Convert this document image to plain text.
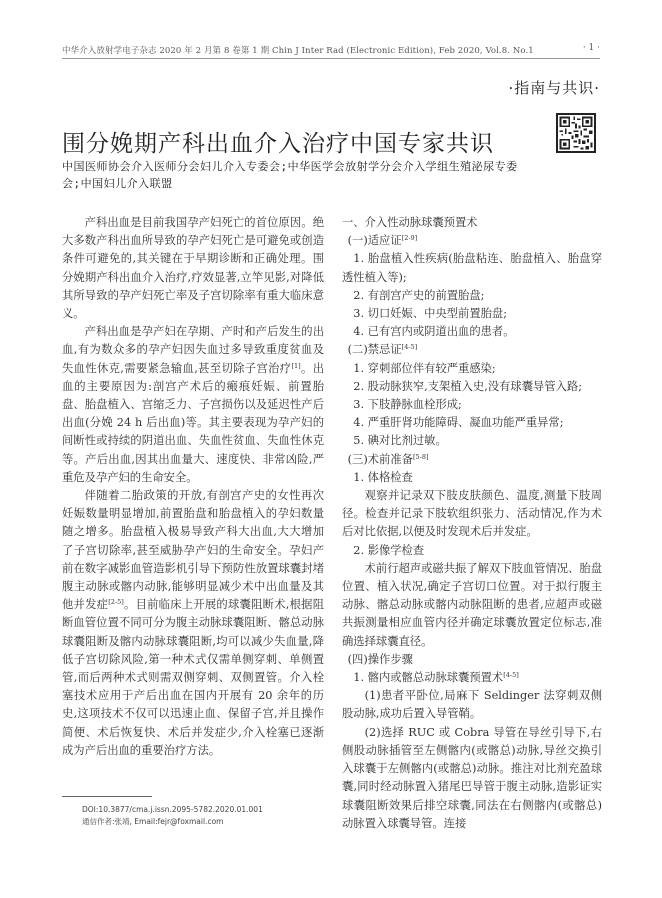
中华介入放射学电子杂志 2020 年 2 月第 8 卷第 1 期 Chin J Inter Rad (Electronic Edition), Feb 2020, Vol.8. No.1	· 1 ·
·指南与共识·
围分娩期产科出血介入治疗中国专家共识
中国医师协会介入医师分会妇儿介入专委会;中华医学会放射学分会介入学组生殖泌尿专委会;中国妇儿介入联盟

产科出血是目前我国孕产妇死亡的首位原因。绝大多数产科出血所导致的孕产妇死亡是可避免或创造条件可避免的,其关键在于早期诊断和正确处理。围分娩期产科出血介入治疗,疗效显著,立竿见影,对降低其所导致的孕产妇死亡率及子宫切除率有重大临床意义。

产科出血是孕产妇在孕期、产时和产后发生的出血,有为数众多的孕产妇因失血过多导致重度贫血及失血性休克,需要紧急输血,甚至切除子宫治疗[1]。出血的主要原因为:剖宫产术后的瘢痕妊娠、前置胎盘、胎盘植入、宫缩乏力、子宫损伤以及延迟性产后出血(分娩 24 h 后出血)等。其主要表现为孕产妇的间断性或持续的阴道出血、失血性贫血、失血性休克等。产后出血,因其出血量大、速度快、非常凶险,严重危及孕产妇的生命安全。

伴随着二胎政策的开放,有剖宫产史的女性再次妊娠数量明显增加,前置胎盘和胎盘植入的孕妇数量随之增多。胎盘植入极易导致产科大出血,大大增加了子宫切除率,甚至威胁孕产妇的生命安全。孕妇产前在数字减影血管造影机引导下预防性放置球囊封堵腹主动脉或髂内动脉,能够明显减少术中出血量及其他并发症[2-5]。目前临床上开展的球囊阻断术,根据阻断血管位置不同可分为腹主动脉球囊阻断、髂总动脉球囊阻断及髂内动脉球囊阻断,均可以减少失血量,降低子宫切除风险,第一种术式仅需单侧穿刺、单侧置管,而后两种术式则需双侧穿刺、双侧置管。介入栓塞技术应用于产后出血在国内开展有 20 余年的历史,这项技术不仅可以迅速止血、保留子宫,并且操作简便、术后恢复快、术后并发症少,介入栓塞已逐渐成为产后出血的重要治疗方法。

一、介入性动脉球囊预置术

(一)适应证[2-9]

1. 胎盘植入性疾病(胎盘粘连、胎盘植入、胎盘穿透性植入等);

2. 有剖宫产史的前置胎盘;

3. 切口妊娠、中央型前置胎盘;

4. 已有宫内或阴道出血的患者。

(二)禁忌证[4-5]

1. 穿刺部位伴有较严重感染;

2. 股动脉狭窄,支架植入史,没有球囊导管入路;

3. 下肢静脉血栓形成;

4. 严重肝肾功能障碍、凝血功能严重异常;

5. 碘对比剂过敏。

(三)术前准备[5-8]

1. 体格检查

观察并记录双下肢皮肤颜色、温度,测量下肢周径。检查并记录下肢软组织张力、活动情况,作为术后对比依据,以便及时发现术后并发症。

2. 影像学检查

术前行超声或磁共振了解双下肢血管情况、胎盘位置、植入状况,确定子宫切口位置。对于拟行腹主动脉、髂总动脉或髂内动脉阻断的患者,应超声或磁共振测量相应血管内径并确定球囊放置定位标志,准确选择球囊直径。

(四)操作步骤

1. 髂内或髂总动脉球囊预置术[4-5]

(1)患者平卧位,局麻下 Seldinger 法穿刺双侧股动脉,成功后置入导管鞘。

(2)选择 RUC 或 Cobra 导管在导丝引导下,右侧股动脉插管至左侧髂内(或髂总)动脉,导丝交换引入球囊于左侧髂内(或髂总)动脉。推注对比剂充盈球囊,同时经动脉置入猪尾巴导管于腹主动脉,造影证实球囊阻断效果后排空球囊,同法在右侧髂内(或髂总)动脉置入球囊导管。连接

DOI:10.3877/cma.j.issn.2095-5782.2020.01.001
通信作者:张靖, Email:fejr@foxmail.com
